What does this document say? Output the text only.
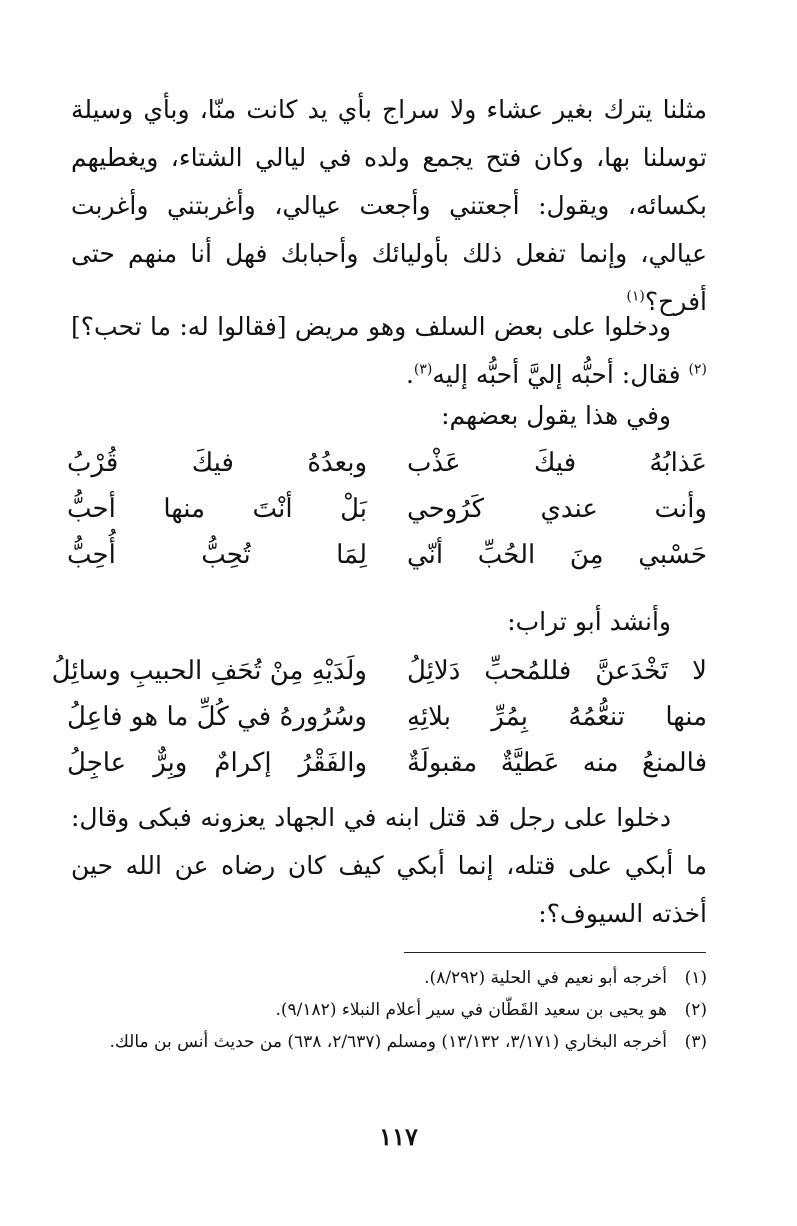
مثلنا يترك بغير عشاء ولا سراج بأي يد كانت منّا، وبأي وسيلة توسلنا بها، وكان فتح يجمع ولده في ليالي الشتاء، ويغطيهم بكسائه، ويقول: أجعتني وأجعت عيالي، وأغربتني وأغربت عيالي، وإنما تفعل ذلك بأوليائك وأحبابك فهل أنا منهم حتى أفرح؟$^{(١)}$

ودخلوا على بعض السلف وهو مريض [فقالوا له: ما تحب؟]$^{(٢)}$ فقال: أحبُّه إليَّ أحبُّه إليه$^{(٣)}$.

وفي هذا يقول بعضهم:

عَذابُهُ فيكَ عَذْب
وبعدُهُ فيكَ قُرْبُ
وأنت عندي كَرُوحي
بَلْ أنْتَ منها أحبُّ
حَسْبي مِنَ الحُبِّ أنّي
لِمَا تُحِبُّ أُحِبُّ

وأنشد أبو تراب:

لا تَخْدَعنَّ فللمُحبِّ دَلائِلُ
ولَدَيْهِ مِنْ تُحَفِ الحبيبِ وسائِلُ
منها تنعُّمُهُ بِمُرِّ بلائِهِ
وسُرُورهُ في كُلِّ ما هو فاعِلُ
فالمنعُ منه عَطيَّةٌ مقبولَةٌ
والفَقْرُ إكرامٌ وبِرٌّ عاجِلُ

دخلوا على رجل قد قتل ابنه في الجهاد يعزونه فبكى وقال: ما أبكي على قتله، إنما أبكي كيف كان رضاه عن الله حين أخذته السيوف؟:

(١)
أخرجه أبو نعيم في الحلية (٨/٢٩٢).
(٢)
هو يحيى بن سعيد القَطّان في سير أعلام النبلاء (٩/١٨٢).
(٣)
أخرجه البخاري (٣/١٧١، ١٣/١٣٢) ومسلم (٢/٦٣٧، ٦٣٨) من حديث أنس بن مالك.
١١٧
